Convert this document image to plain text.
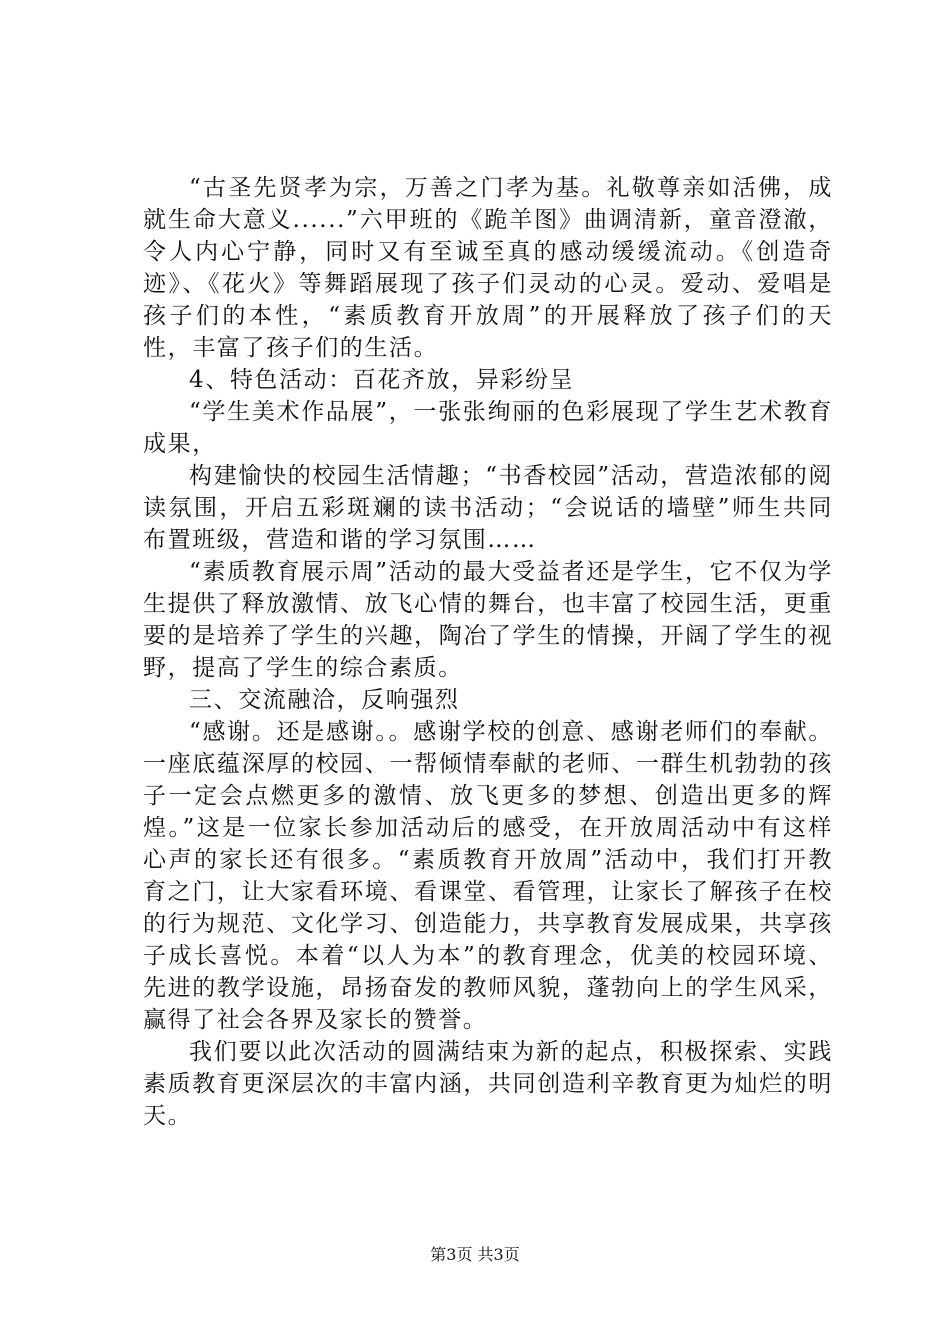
“古圣先贤孝为宗，万善之门孝为基。礼敬尊亲如活佛，成就生命大意义......”六甲班的《跪羊图》曲调清新，童音澄澈，令人内心宁静，同时又有至诚至真的感动缓缓流动。《创造奇迹》、《花火》等舞蹈展现了孩子们灵动的心灵。爱动、爱唱是孩子们的本性，“素质教育开放周”的开展释放了孩子们的天性，丰富了孩子们的生活。

4、特色活动：百花齐放，异彩纷呈

“学生美术作品展”，一张张绚丽的色彩展现了学生艺术教育成果，

构建愉快的校园生活情趣；“书香校园”活动，营造浓郁的阅读氛围，开启五彩斑斓的读书活动；“会说话的墙壁”师生共同布置班级，营造和谐的学习氛围……

“素质教育展示周”活动的最大受益者还是学生，它不仅为学生提供了释放激情、放飞心情的舞台，也丰富了校园生活，更重要的是培养了学生的兴趣，陶冶了学生的情操，开阔了学生的视野，提高了学生的综合素质。

三、交流融洽，反响强烈

“感谢。还是感谢。。感谢学校的创意、感谢老师们的奉献。一座底蕴深厚的校园、一帮倾情奉献的老师、一群生机勃勃的孩子一定会点燃更多的激情、放飞更多的梦想、创造出更多的辉煌。”这是一位家长参加活动后的感受，在开放周活动中有这样心声的家长还有很多。“素质教育开放周”活动中，我们打开教育之门，让大家看环境、看课堂、看管理，让家长了解孩子在校的行为规范、文化学习、创造能力，共享教育发展成果，共享孩子成长喜悦。本着“以人为本”的教育理念，优美的校园环境、先进的教学设施，昂扬奋发的教师风貌，蓬勃向上的学生风采，赢得了社会各界及家长的赞誉。

我们要以此次活动的圆满结束为新的起点，积极探索、实践素质教育更深层次的丰富内涵，共同创造利辛教育更为灿烂的明天。

第3页 共3页
